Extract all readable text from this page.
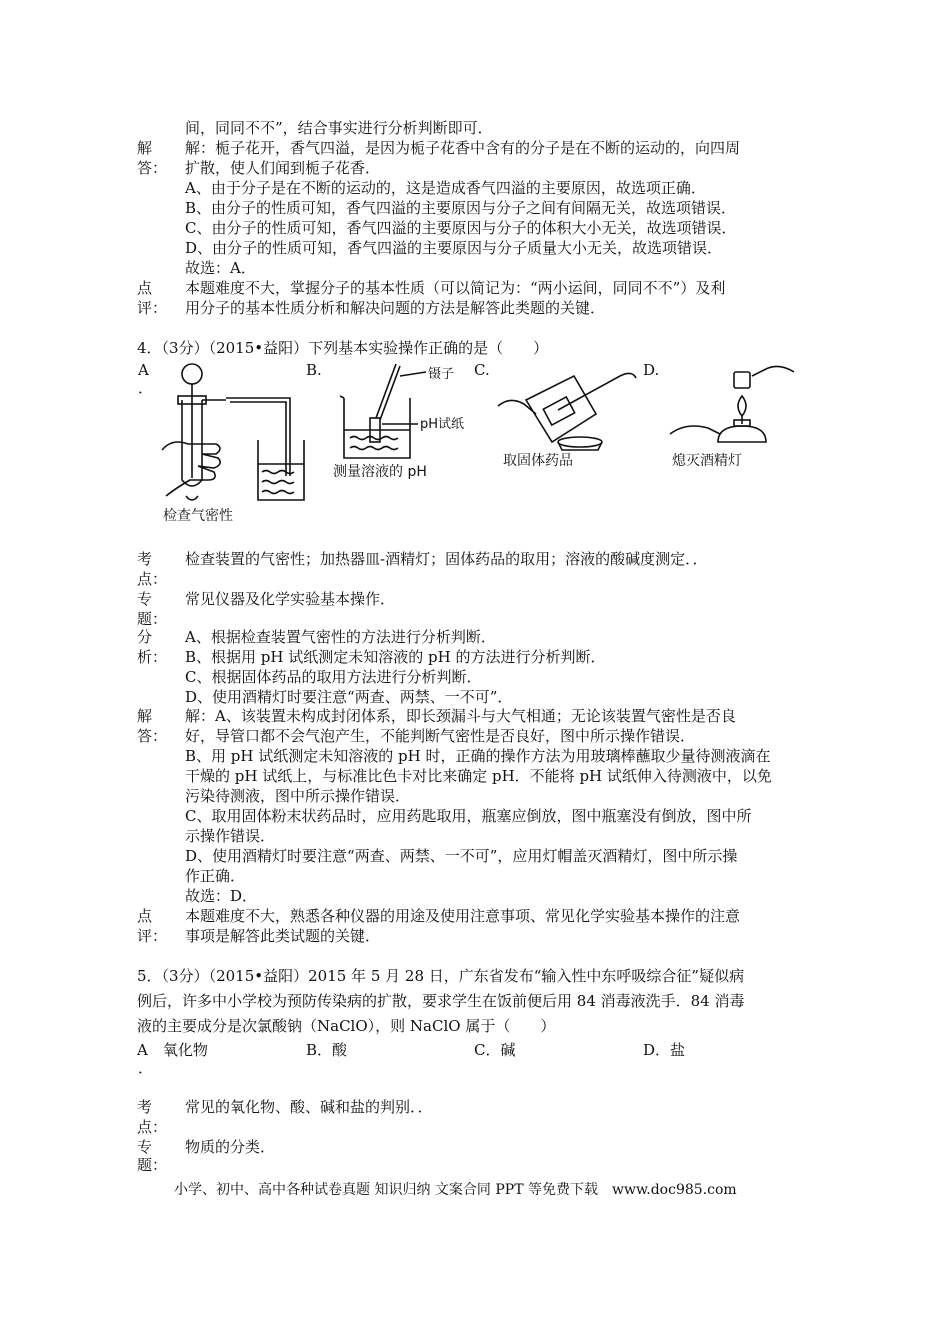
间，同同不不”，结合事实进行分析判断即可．
解
答：
解：栀子花开，香气四溢，是因为栀子花香中含有的分子是在不断的运动的，向四周
扩散，使人们闻到栀子花香．
A、由于分子是在不断的运动的，这是造成香气四溢的主要原因，故选项正确．
B、由分子的性质可知，香气四溢的主要原因与分子之间有间隔无关，故选项错误．
C、由分子的性质可知，香气四溢的主要原因与分子的体积大小无关，故选项错误．
D、由分子的性质可知，香气四溢的主要原因与分子质量大小无关，故选项错误．
故选：A．
点
评：
本题难度不大，掌握分子的基本性质（可以简记为：“两小运间，同同不不”）及利
用分子的基本性质分析和解决问题的方法是解答此类题的关键．
4．（3分）（2015•益阳）下列基本实验操作正确的是（　　）
A
．
B.	C.	D.
检查气密性
镊子
pH试纸
测量溶液的 pH
取固体药品	熄灭酒精灯
考
点：
检查装置的气密性；加热器皿-酒精灯；固体药品的取用；溶液的酸碱度测定．．
专
题：
常见仪器及化学实验基本操作．
分
析：
A、根据检查装置气密性的方法进行分析判断．
B、根据用 pH 试纸测定未知溶液的 pH 的方法进行分析判断．
C、根据固体药品的取用方法进行分析判断．
D、使用酒精灯时要注意“两查、两禁、一不可”．
解
答：
解：A、该装置未构成封闭体系，即长颈漏斗与大气相通；无论该装置气密性是否良
好，导管口都不会气泡产生，不能判断气密性是否良好，图中所示操作错误．
B、用 pH 试纸测定未知溶液的 pH 时，正确的操作方法为用玻璃棒蘸取少量待测液滴在
干燥的 pH 试纸上，与标准比色卡对比来确定 pH．不能将 pH 试纸伸入待测液中，以免
污染待测液，图中所示操作错误．
C、取用固体粉末状药品时，应用药匙取用，瓶塞应倒放，图中瓶塞没有倒放，图中所
示操作错误．
D、使用酒精灯时要注意“两查、两禁、一不可”，应用灯帽盖灭酒精灯，图中所示操
作正确．
故选：D．
点
评：
本题难度不大，熟悉各种仪器的用途及使用注意事项、常见化学实验基本操作的注意
事项是解答此类试题的关键．
5．（3分）（2015•益阳）2015 年 5 月 28 日，广东省发布“输入性中东呼吸综合征”疑似病
例后，许多中小学校为预防传染病的扩散，要求学生在饭前便后用 84 消毒液洗手．84 消毒
液的主要成分是次氯酸钠（NaClO），则 NaClO 属于（　　）
A　氧化物	B．酸	C．碱	D．盐
．
考
点：
常见的氧化物、酸、碱和盐的判别．．
专
题：
物质的分类．
小学、初中、高中各种试卷真题 知识归纳 文案合同 PPT 等免费下载　www.doc985.com
